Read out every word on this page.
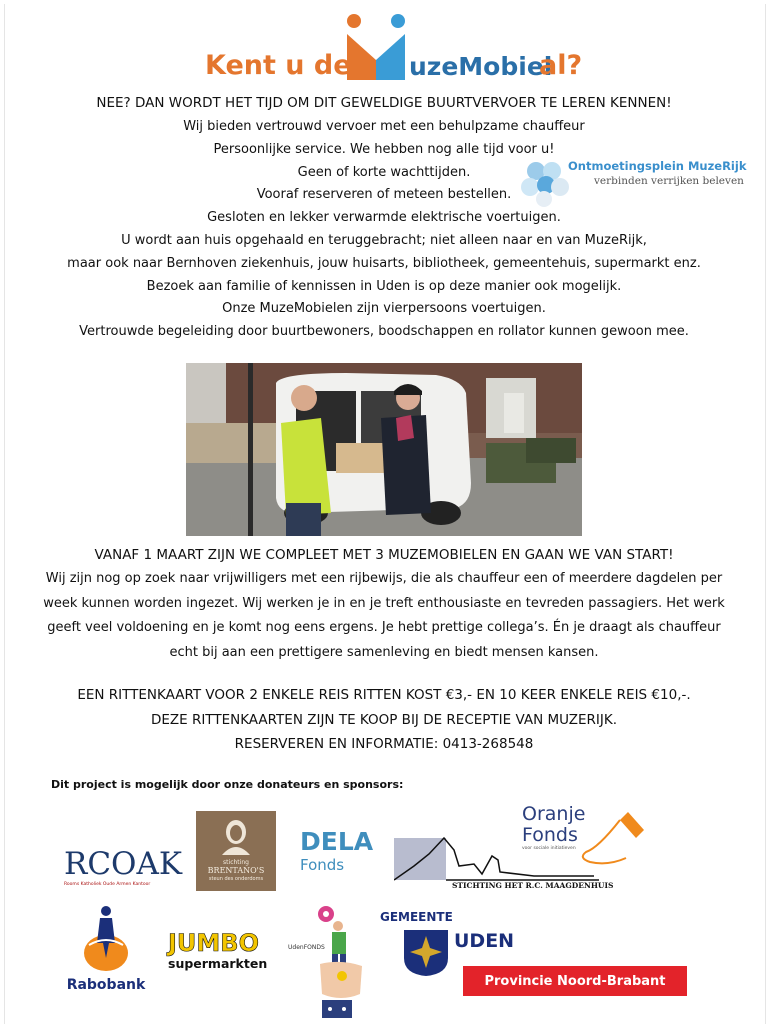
Kent u de uzeMobiel
al?
NEE? DAN WORDT HET TIJD OM DIT GEWELDIGE BUURTVERVOER TE LEREN KENNEN!
Wij bieden vertrouwd vervoer met een behulpzame chauffeur
Persoonlijke service. We hebben nog alle tijd voor u!
Geen of korte wachttijden.
Vooraf reserveren of meteen bestellen.
Gesloten en lekker verwarmde elektrische voertuigen.
U wordt aan huis opgehaald en teruggebracht; niet alleen naar en van MuzeRijk,
maar ook naar Bernhoven ziekenhuis, jouw huisarts, bibliotheek, gemeentehuis, supermarkt enz.
Bezoek aan familie of kennissen in Uden is op deze manier ook mogelijk.
Onze MuzeMobielen zijn vierpersoons voertuigen.
Vertrouwde begeleiding door buurtbewoners, boodschappen en rollator kunnen gewoon mee.
Ontmoetingsplein MuzeRijk
verbinden verrijken beleven
VANAF 1 MAART ZIJN WE COMPLEET MET 3 MUZEMOBIELEN EN GAAN WE VAN START!
Wij zijn nog op zoek naar vrijwilligers met een rijbewijs, die als chauffeur een of meerdere dagdelen per
week kunnen worden ingezet. Wij werken je in en je treft enthousiaste en tevreden passagiers. Het werk
geeft veel voldoening en je komt nog eens ergens. Je hebt prettige collega’s. Én je draagt als chauffeur
echt bij aan een prettigere samenleving en biedt mensen kansen.
EEN RITTENKAART VOOR 2 ENKELE REIS RITTEN KOST €3,- EN 10 KEER ENKELE REIS €10,-.
DEZE RITTENKAARTEN ZIJN TE KOOP BIJ DE RECEPTIE VAN MUZERIJK.
RESERVEREN EN INFORMATIE: 0413-268548
Dit project is mogelijk door onze donateurs en sponsors:
RCOAK
Rooms Katholiek Oude Armen Kantoor
stichting
BRENTANO'S
steun des onderdoms
DELA
Fonds
STICHTING HET R.C. MAAGDENHUIS
Oranje
Fonds
voor sociale initiatieven
Rabobank
JUMBO
supermarkten
UdenFONDS
GEMEENTE
UDEN
Provincie Noord-Brabant
